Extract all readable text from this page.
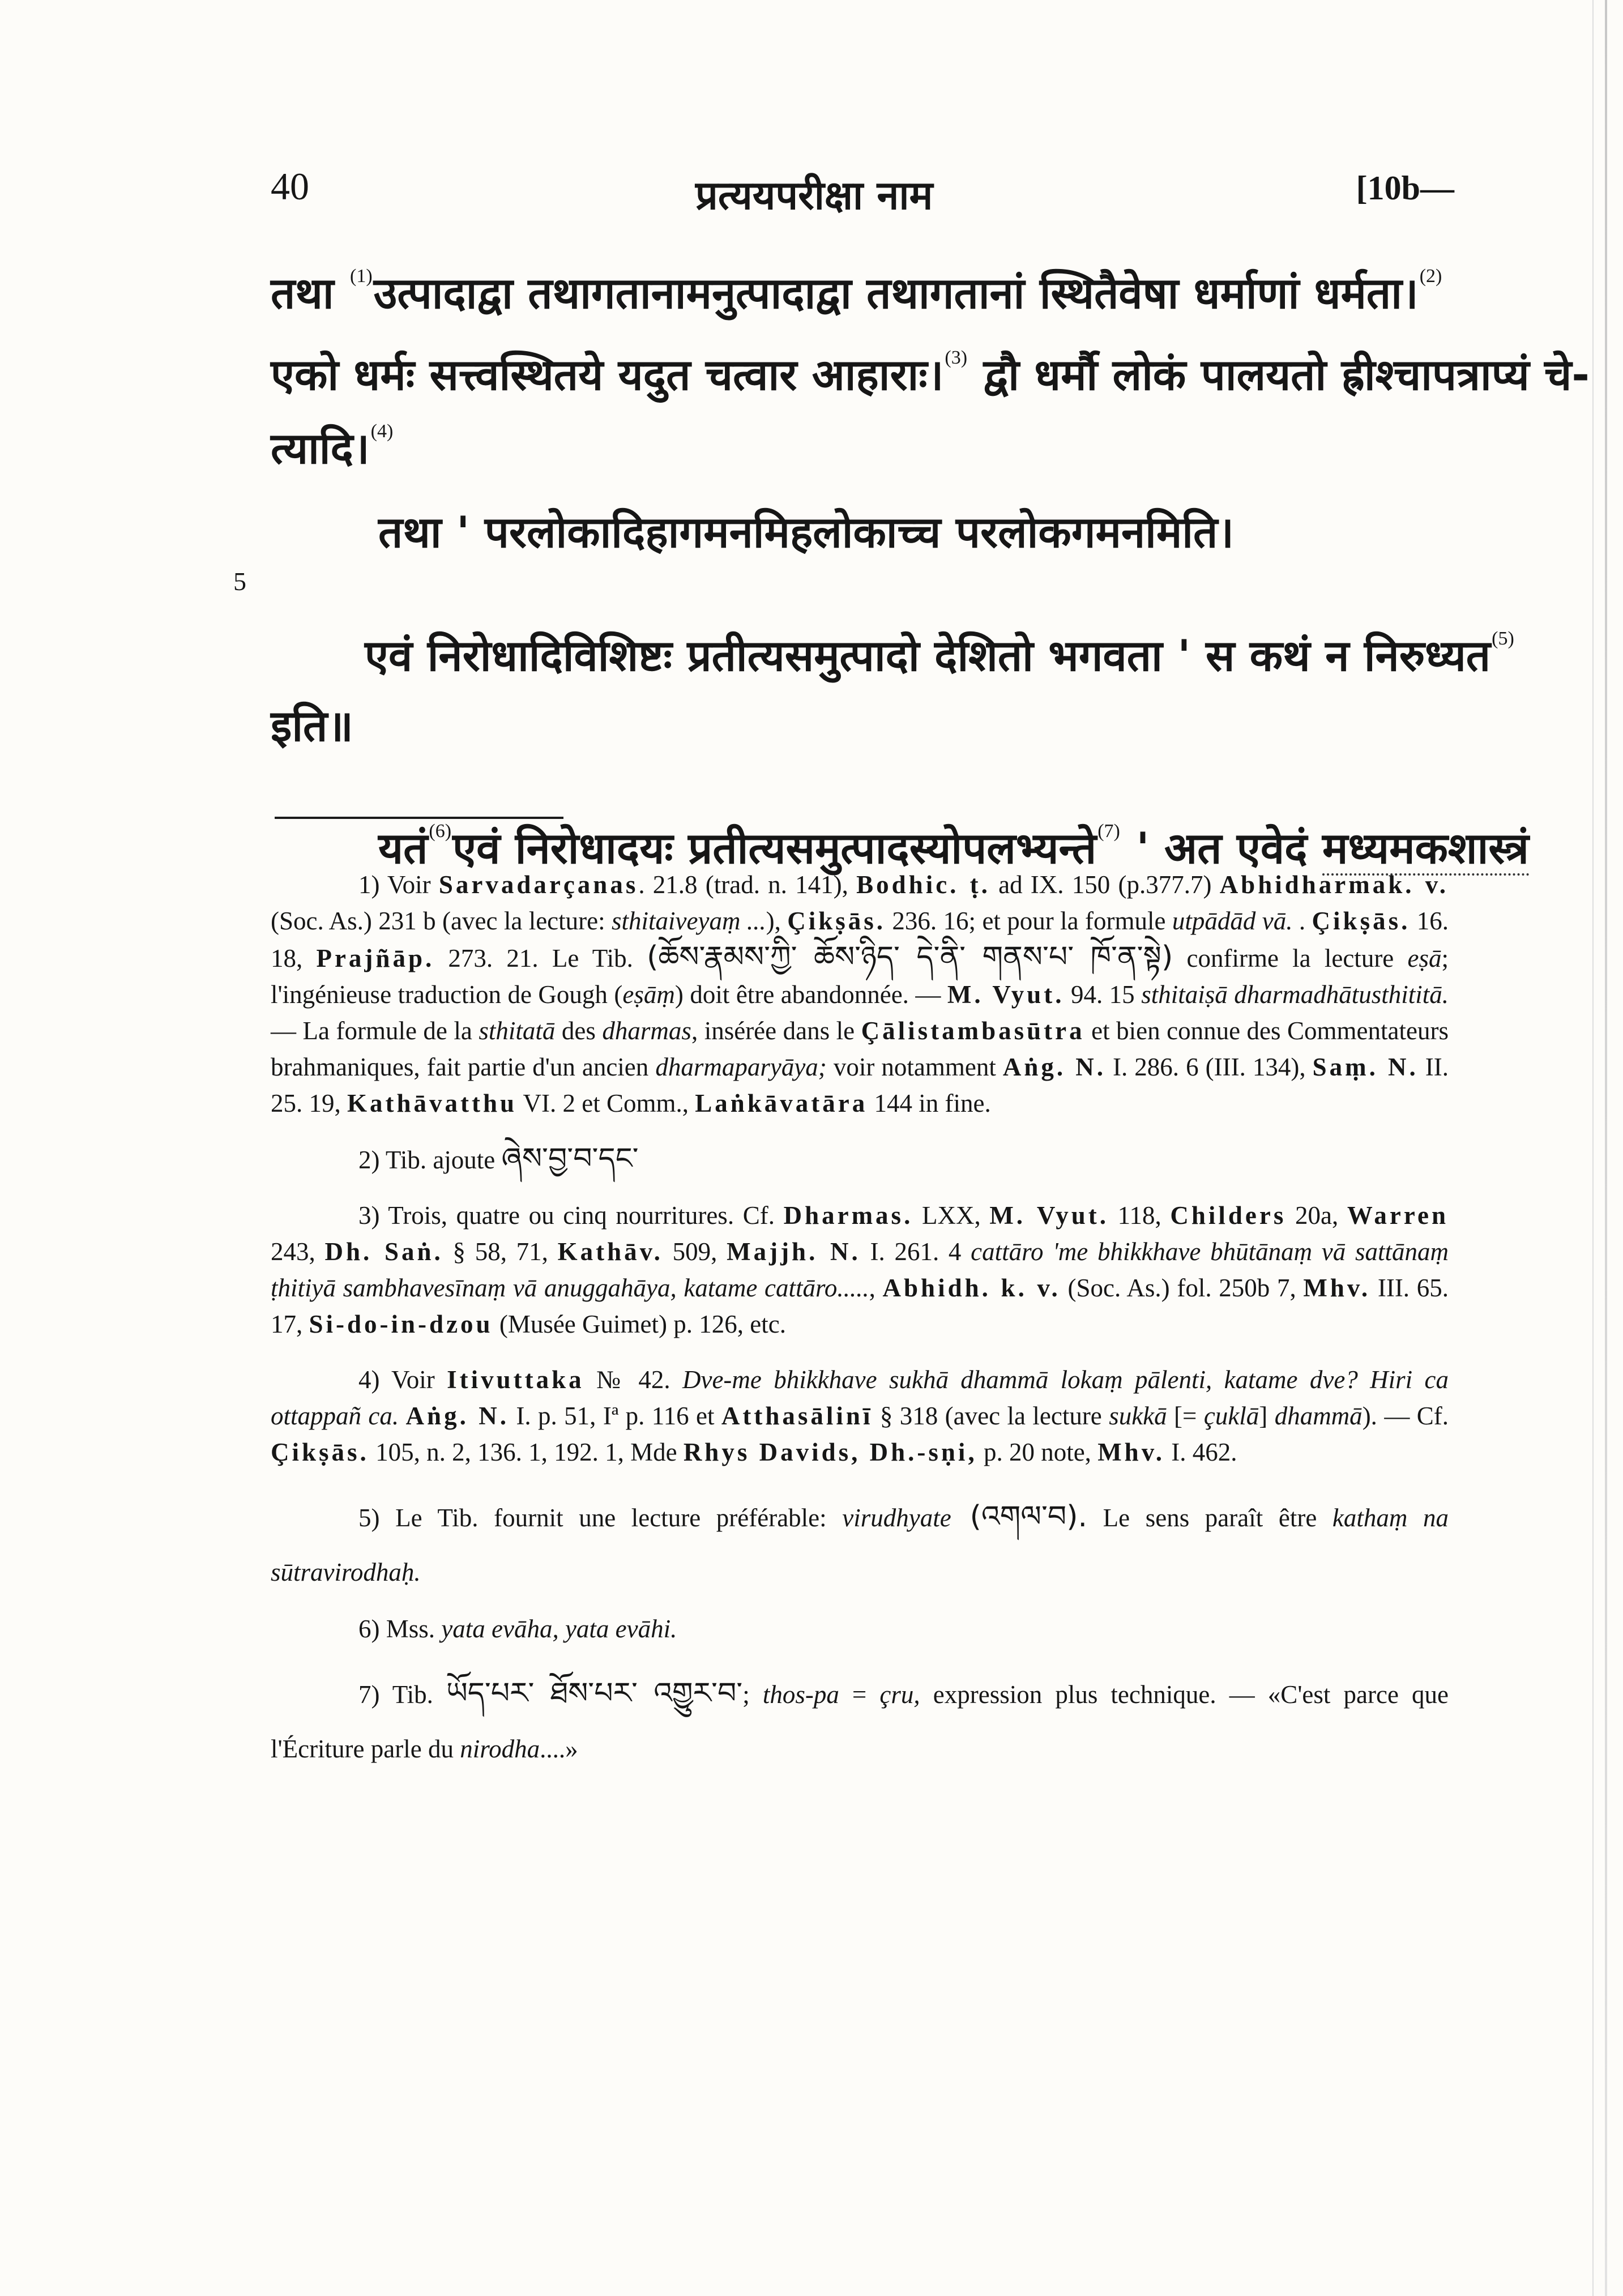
40	प्रत्ययपरीक्षा नाम	[10b—
5
तथा $^{(1)}$उत्पादाद्वा तथागतानामनुत्पादाद्वा तथागतानां स्थितैवेषा धर्माणां धर्मता।$^{(2)}$
एको धर्मः सत्त्वस्थितये यदुत चत्वार आहाराः।$^{(3)}$ द्वौ धर्मौ लोकं पालयतो ह्रीश्चापत्राप्यं चे-
त्यादि।$^{(4)}$
तथा ' परलोकादिहागमनमिहलोकाच्च परलोकगमनमिति।
एवं निरोधादिविशिष्टः प्रतीत्यसमुत्पादो देशितो भगवता ' स कथं न निरुध्यत$^{(5)}$
इति॥
यतं$^{(6)}$एवं निरोधादयः प्रतीत्यसमुत्पादस्योपलभ्यन्ते$^{(7)}$ ' अत एवेदं मध्यमकशास्त्रं
1) Voir Sarvadarçanas. 21.8 (trad. n. 141), Bodhic. ṭ. ad IX. 150 (p.377.7) Abhidharmak. v. (Soc. As.) 231 b (avec la lecture: sthitaiveyaṃ ...), Çikṣās. 236. 16; et pour la formule utpādād vā. . Çikṣās. 16. 18, Prajñāp. 273. 21. Le Tib. (ཆོས་རྣམས་ཀྱི་ ཆོས་ཉིད་ དེ་ནི་ གནས་པ་ ཁོ་ན་སྟེ) confirme la lecture eṣā; l'ingénieuse traduction de Gough (eṣāṃ) doit être abandonnée. — M. Vyut. 94. 15 sthitaiṣā dharmadhātusthititā. — La formule de la sthitatā des dharmas, insérée dans le Çālistambasūtra et bien connue des Commentateurs brahmaniques, fait partie d'un ancien dharmaparyāya; voir notamment Aṅg. N. I. 286. 6 (III. 134), Saṃ. N. II. 25. 19, Kathāvatthu VI. 2 et Comm., Laṅkāvatāra 144 in fine.
2) Tib. ajoute ཞེས་བྱ་བ་དང་
3) Trois, quatre ou cinq nourritures. Cf. Dharmas. LXX, M. Vyut. 118, Childers 20a, Warren 243, Dh. Saṅ. § 58, 71, Kathāv. 509, Majjh. N. I. 261. 4 cattāro 'me bhikkhave bhūtānaṃ vā sattānaṃ ṭhitiyā sambhavesīnaṃ vā anuggahāya, katame cattāro....., Abhidh. k. v. (Soc. As.) fol. 250b 7, Mhv. III. 65. 17, Si-do-in-dzou (Musée Guimet) p. 126, etc.
4) Voir Itivuttaka № 42. Dve-me bhikkhave sukhā dhammā lokaṃ pālenti, katame dve? Hiri ca ottappañ ca. Aṅg. N. I. p. 51, Iª p. 116 et Atthasālinī § 318 (avec la lecture sukkā [= çuklā] dhammā). — Cf. Çikṣās. 105, n. 2, 136. 1, 192. 1, Mde Rhys Davids, Dh.-sṇi, p. 20 note, Mhv. I. 462.
5) Le Tib. fournit une lecture préférable: virudhyate (འགལ་བ). Le sens paraît être kathaṃ na sūtravirodhaḥ.
6) Mss. yata evāha, yata evāhi.
7) Tib. ཡོད་པར་ ཐོས་པར་ འགྱུར་བ་; thos-pa = çru, expression plus technique. — «C'est parce que l'Écriture parle du nirodha....»
